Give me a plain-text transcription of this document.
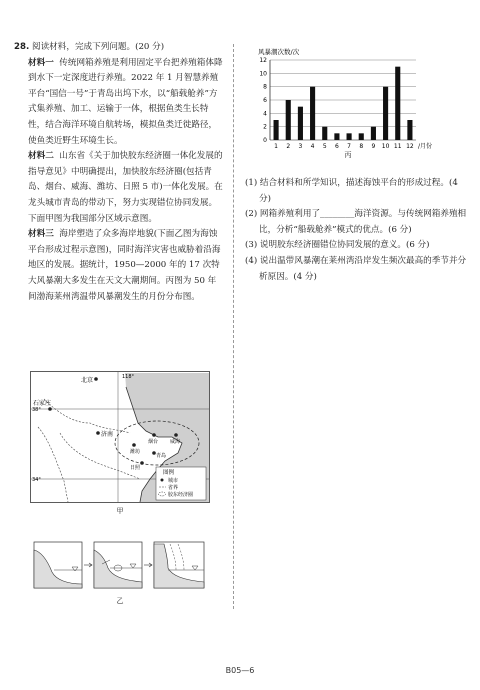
28. 阅读材料，完成下列问题。(20 分)

材料一 传统网箱养殖是利用固定平台把养殖箱体降到水下一定深度进行养殖。2022 年 1 月智慧养殖平台“国信一号”于青岛出坞下水，以“船载舱养”方式集养殖、加工、运输于一体，根据鱼类生长特性，结合海洋环境自航转场，模拟鱼类迁徙路径，使鱼类近野生环境生长。

材料二 山东省《关于加快胶东经济圈一体化发展的指导意见》中明确提出，加快胶东经济圈(包括青岛、烟台、威海、潍坊、日照 5 市)一体化发展。在龙头城市青岛的带动下，努力实现错位协同发展。下面甲图为我国部分区域示意图。

材料三 海岸塑造了众多海岸地貌(下面乙图为海蚀平台形成过程示意图)，同时海洋灾害也威胁着沿海地区的发展。据统计，1950—2000 年的 17 次特大风暴潮大多发生在天文大潮期间。丙图为 50 年间渤海莱州湾温带风暴潮发生的月份分布图。

北京
石家庄
济南
烟台 威海
潍坊
青岛
日照
118°
38°
34°
图例
城市
省界
胶东经济圈
甲
乙
风暴潮次数/次
0
2
4
6
8
10
12
1 2 3 4 5 6 7 8 9 10 11 12 /月份
丙

(1) 结合材料和所学知识，描述海蚀平台的形成过程。(4 分)

(2) 网箱养殖利用了________海洋资源。与传统网箱养殖相比，分析“船载舱养”模式的优点。(6 分)

(3) 说明胶东经济圈错位协同发展的意义。(6 分)

(4) 说出温带风暴潮在莱州湾沿岸发生频次最高的季节并分析原因。(4 分)

B05—6
